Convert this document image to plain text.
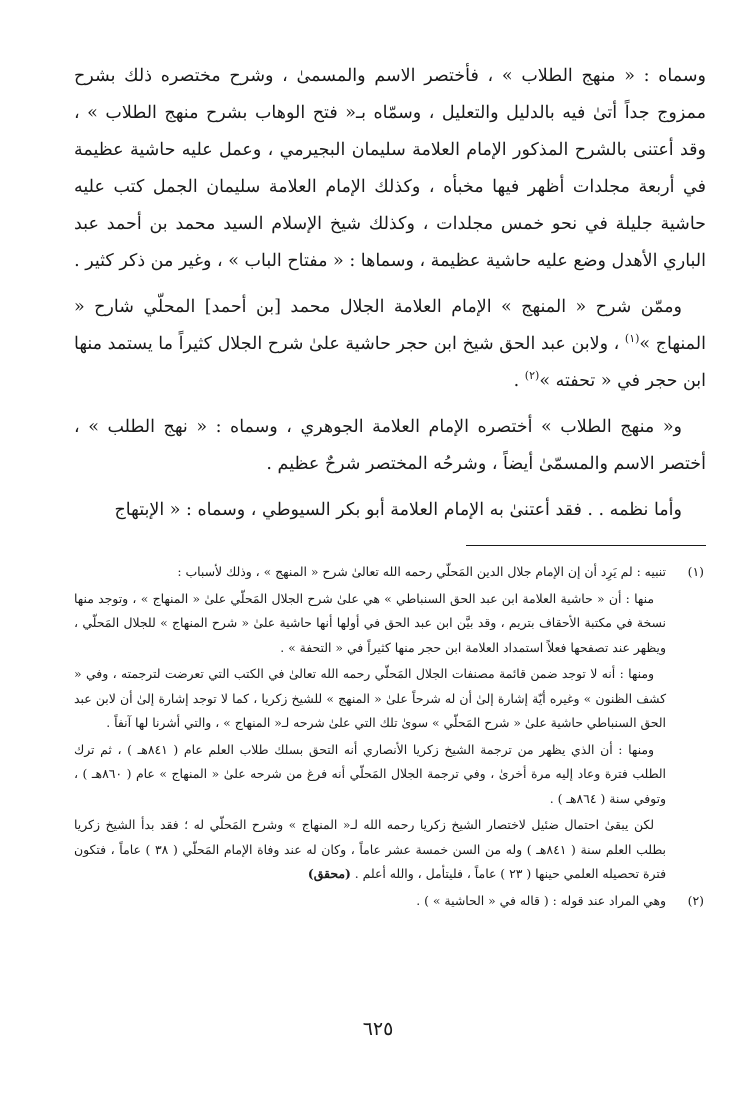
وسماه : « منهج الطلاب » ، فأختصر الاسم والمسمىٰ ، وشرح مختصره ذلك بشرح ممزوج جداً أتىٰ فيه بالدليل والتعليل ، وسمّاه بـ« فتح الوهاب بشرح منهج الطلاب » ، وقد أعتنى بالشرح المذكور الإمام العلامة سليمان البجيرمي ، وعمل عليه حاشية عظيمة في أربعة مجلدات أظهر فيها مخبأه ، وكذلك الإمام العلامة سليمان الجمل كتب عليه حاشية جليلة في نحو خمس مجلدات ، وكذلك شيخ الإسلام السيد محمد بن أحمد عبد الباري الأهدل وضع عليه حاشية عظيمة ، وسماها : « مفتاح الباب » ، وغير من ذكر كثير .

وممّن شرح « المنهج » الإمام العلامة الجلال محمد [بن أحمد] المحلّي شارح « المنهاج »$^{(١)}$ ، ولابن عبد الحق شيخ ابن حجر حاشية علىٰ شرح الجلال كثيراً ما يستمد منها ابن حجر في « تحفته »$^{(٢)}$ .

و« منهج الطلاب » أختصره الإمام العلامة الجوهري ، وسماه : « نهج الطلب » ، أختصر الاسم والمسمّىٰ أيضاً ، وشرحُه المختصر شرحٌ عظيم .

وأما نظمه . . فقد أعتنىٰ به الإمام العلامة أبو بكر السيوطي ، وسماه : « الإبتهاج

(١)

تنبيه : لم يَرِد أن إن الإمام جلال الدين المَحلّي رحمه الله تعالىٰ شرح « المنهج » ، وذلك لأسباب :

منها : أن « حاشية العلامة ابن عبد الحق السنباطي » هي علىٰ شرح الجلال المَحلّي علىٰ « المنهاج » ، وتوجد منها نسخة في مكتبة الأحقاف بتريم ، وقد بيَّن ابن عبد الحق في أولها أنها حاشية علىٰ « شرح المنهاج » للجلال المَحلّي ، ويظهر عند تصفحها فعلاً استمداد العلامة ابن حجر منها كثيراً في « التحفة » .

ومنها : أنه لا توجد ضمن قائمة مصنفات الجلال المَحلّي رحمه الله تعالىٰ في الكتب التي تعرضت لترجمته ، وفي « كشف الظنون » وغيره أيّة إشارة إلىٰ أن له شرحاً علىٰ « المنهج » للشيخ زكريا ، كما لا توجد إشارة إلىٰ أن لابن عبد الحق السنباطي حاشية علىٰ « شرح المَحلّي » سوىٰ تلك التي علىٰ شرحه لـ« المنهاج » ، والتي أشرنا لها آنفاً .

ومنها : أن الذي يظهر من ترجمة الشيخ زكريا الأنصاري أنه التحق بسلك طلاب العلم عام ( ٨٤١هـ ) ، ثم ترك الطلب فترة وعاد إليه مرة أخرىٰ ، وفي ترجمة الجلال المَحلّي أنه فرغ من شرحه علىٰ « المنهاج » عام ( ٨٦٠هـ ) ، وتوفي سنة ( ٨٦٤هـ ) .

لكن يبقىٰ احتمال ضئيل لاختصار الشيخ زكريا رحمه الله لـ« المنهاج » وشرح المَحلّي له ؛ فقد بدأ الشيخ زكريا بطلب العلم سنة ( ٨٤١هـ ) وله من السن خمسة عشر عاماً ، وكان له عند وفاة الإمام المَحلّي ( ٣٨ ) عاماً ، فتكون فترة تحصيله العلمي حينها ( ٢٣ ) عاماً ، فليتأمل ، والله أعلم . (محقق)

(٢)

وهي المراد عند قوله : ( قاله في « الحاشية » ) .

٦٢٥
